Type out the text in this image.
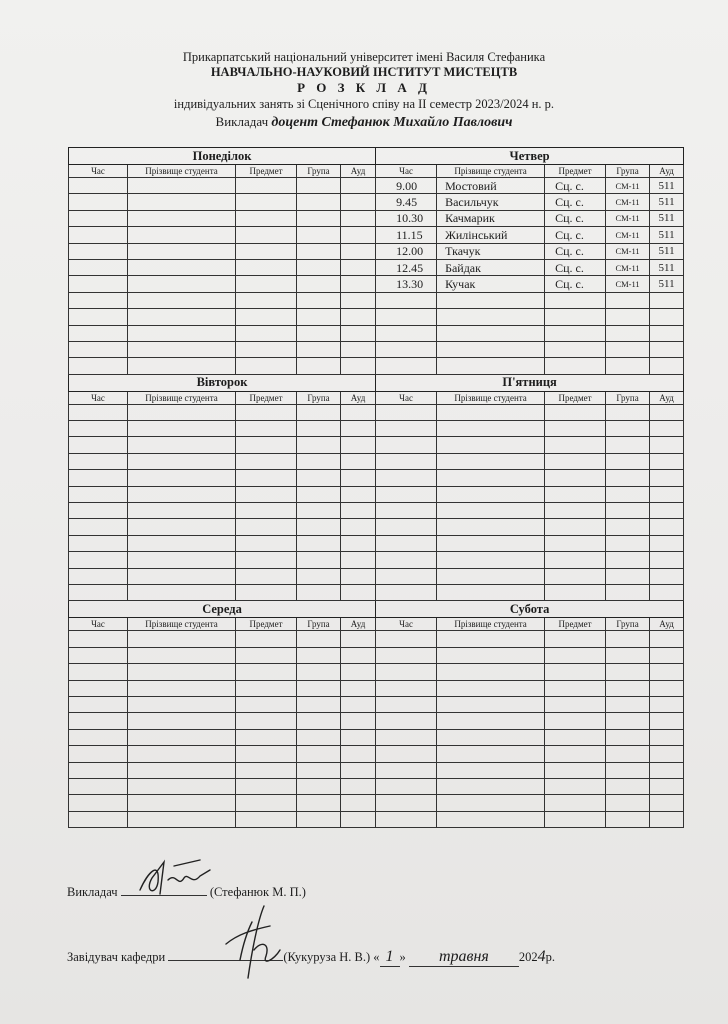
Прикарпатський національний університет імені Василя Стефаника
НАВЧАЛЬНО-НАУКОВИЙ ІНСТИТУТ МИСТЕЦТВ
Р О З К Л А Д
індивідуальних занять зі Сценічного співу на ІІ семестр 2023/2024 н. р.
Викладач доцент Стефанюк Михайло Павлович
Понеділок					Четвер				
Час	Прізвище студента	Предмет	Група	Ауд	Час	Прізвище студента	Предмет	Група	Ауд
					9.00	Мостовий	Сц. с.	СМ-11	511
					9.45	Васильчук	Сц. с.	СМ-11	511
					10.30	Качмарик	Сц. с.	СМ-11	511
					11.15	Жилінський	Сц. с.	СМ-11	511
					12.00	Ткачук	Сц. с.	СМ-11	511
					12.45	Байдак	Сц. с.	СМ-11	511
					13.30	Кучак	Сц. с.	СМ-11	511

Вівторок					П'ятниця				
Час	Прізвище студента	Предмет	Група	Ауд	Час	Прізвище студента	Предмет	Група	Ауд

Середа					Субота				
Час	Прізвище студента	Предмет	Група	Ауд	Час	Прізвище студента	Предмет	Група	Ауд

Викладач	(Стефанюк М. П.)
Завідувач кафедри	(Кукуруза Н. В.) « 1 » травня 2024р.
